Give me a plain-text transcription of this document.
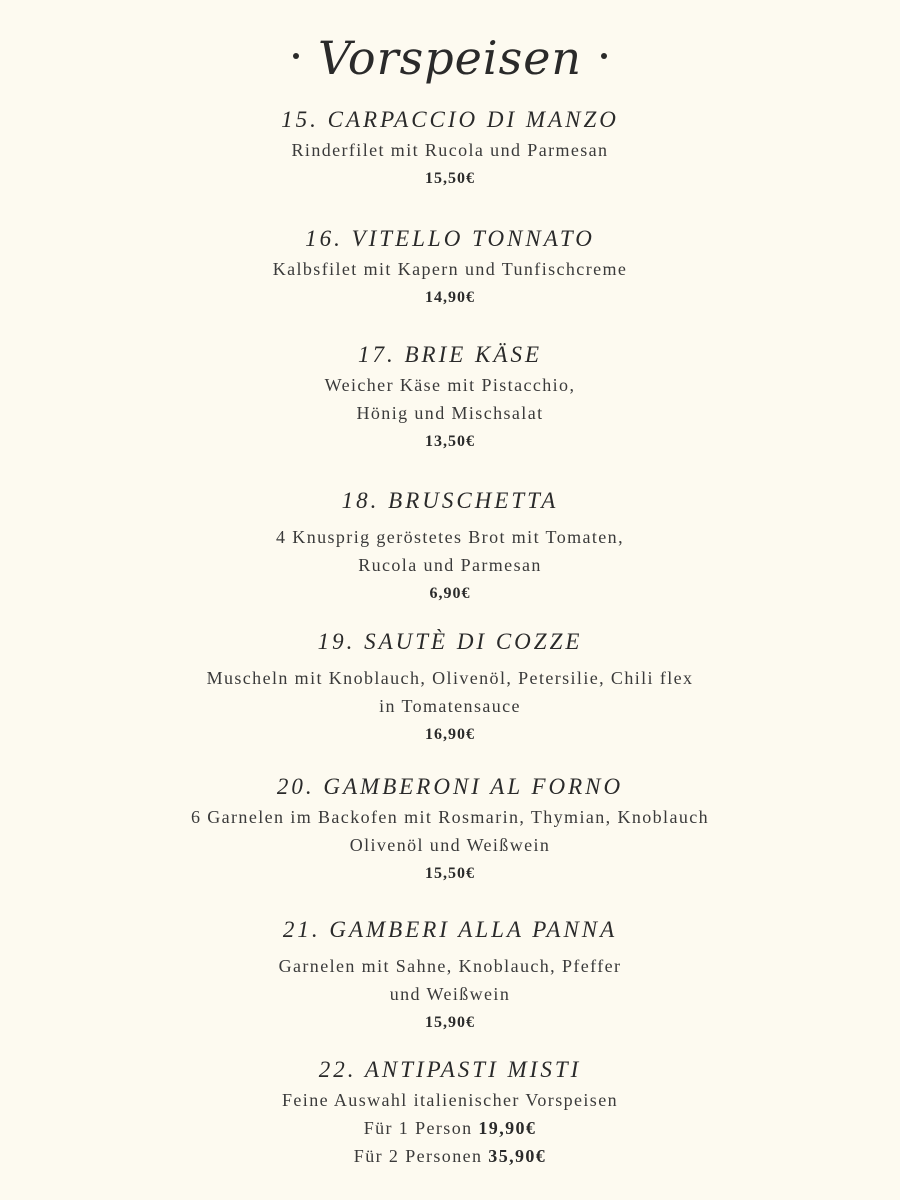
Vorspeisen
15. CARPACCIO DI MANZO
Rinderfilet mit Rucola und Parmesan
15,50€
16. VITELLO TONNATO
Kalbsfilet mit Kapern und Tunfischcreme
14,90€
17. BRIE KÄSE
Weicher Käse mit Pistacchio,
Hönig und Mischsalat
13,50€
18. BRUSCHETTA
4 Knusprig geröstetes Brot mit Tomaten,
Rucola und Parmesan
6,90€
19. SAUTÈ DI COZZE
Muscheln mit Knoblauch, Olivenöl, Petersilie, Chili flex
in Tomatensauce
16,90€
20. GAMBERONI AL FORNO
6 Garnelen im Backofen mit Rosmarin, Thymian, Knoblauch
Olivenöl und Weißwein
15,50€
21. GAMBERI ALLA PANNA
Garnelen mit Sahne, Knoblauch, Pfeffer
und Weißwein
15,90€
22. ANTIPASTI MISTI
Feine Auswahl italienischer Vorspeisen
Für 1 Person 19,90€
Für 2 Personen 35,90€
